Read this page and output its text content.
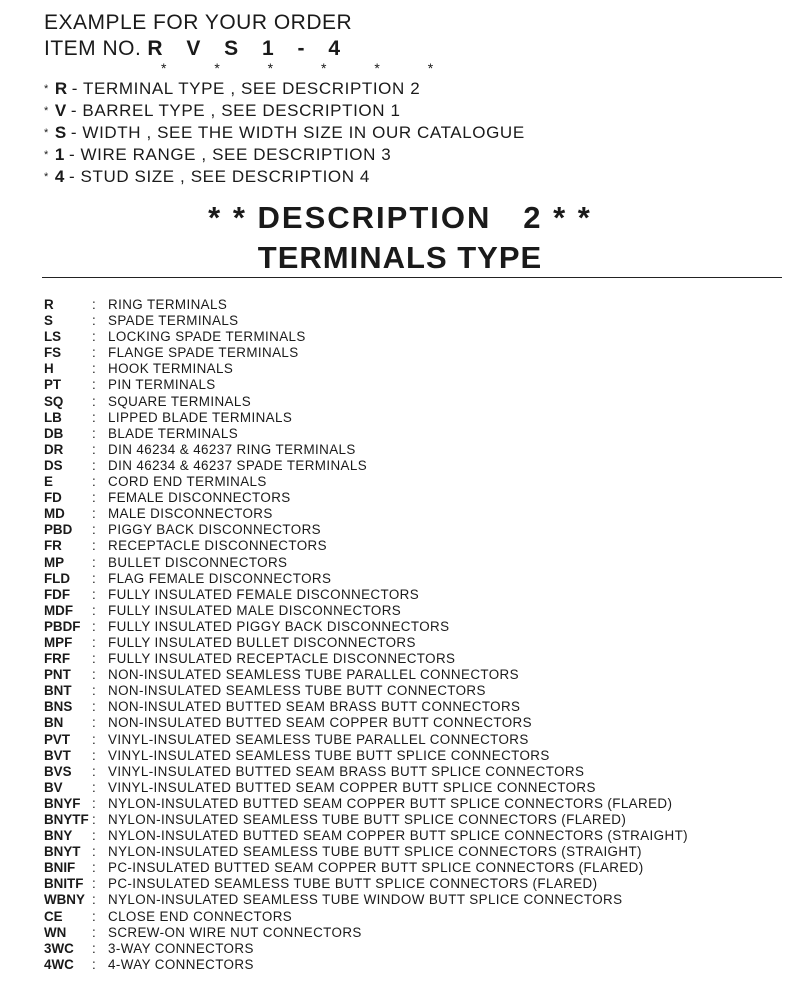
EXAMPLE FOR YOUR ORDER
ITEM NO. R V S 1 - 4
* * * * * *
* R - TERMINAL TYPE , SEE DESCRIPTION 2
* V - BARREL TYPE , SEE DESCRIPTION 1
* S - WIDTH , SEE THE WIDTH SIZE IN OUR CATALOGUE
* 1 - WIRE RANGE , SEE DESCRIPTION 3
* 4 - STUD SIZE , SEE DESCRIPTION 4
* * DESCRIPTION   2 * *
TERMINALS TYPE
R	: RING TERMINALS
S	: SPADE TERMINALS
LS : LOCKING SPADE TERMINALS
FS : FLANGE SPADE TERMINALS
H	: HOOK TERMINALS
PT : PIN TERMINALS
SQ : SQUARE TERMINALS
LB : LIPPED BLADE TERMINALS
DB : BLADE TERMINALS
DR : DIN 46234 & 46237 RING TERMINALS
DS : DIN 46234 & 46237 SPADE TERMINALS
E	: CORD END TERMINALS
FD : FEMALE DISCONNECTORS
MD : MALE DISCONNECTORS
PBD : PIGGY BACK DISCONNECTORS
FR : RECEPTACLE DISCONNECTORS
MP : BULLET DISCONNECTORS
FLD : FLAG FEMALE DISCONNECTORS
FDF : FULLY INSULATED FEMALE DISCONNECTORS
MDF : FULLY INSULATED MALE DISCONNECTORS
PBDF : FULLY INSULATED PIGGY BACK DISCONNECTORS
MPF : FULLY INSULATED BULLET DISCONNECTORS
FRF : FULLY INSULATED RECEPTACLE DISCONNECTORS
PNT : NON-INSULATED SEAMLESS TUBE PARALLEL CONNECTORS
BNT : NON-INSULATED SEAMLESS TUBE BUTT CONNECTORS
BNS : NON-INSULATED BUTTED SEAM BRASS BUTT CONNECTORS
BN : NON-INSULATED BUTTED SEAM COPPER BUTT CONNECTORS
PVT : VINYL-INSULATED SEAMLESS TUBE PARALLEL CONNECTORS
BVT : VINYL-INSULATED SEAMLESS TUBE BUTT SPLICE CONNECTORS
BVS : VINYL-INSULATED BUTTED SEAM BRASS BUTT SPLICE CONNECTORS
BV : VINYL-INSULATED BUTTED SEAM COPPER BUTT SPLICE CONNECTORS
BNYF : NYLON-INSULATED BUTTED SEAM COPPER BUTT SPLICE CONNECTORS (FLARED)
BNYTF : NYLON-INSULATED SEAMLESS TUBE BUTT SPLICE CONNECTORS (FLARED)
BNY : NYLON-INSULATED BUTTED SEAM COPPER BUTT SPLICE CONNECTORS (STRAIGHT)
BNYT : NYLON-INSULATED SEAMLESS TUBE BUTT SPLICE CONNECTORS (STRAIGHT)
BNIF : PC-INSULATED BUTTED SEAM COPPER BUTT SPLICE CONNECTORS (FLARED)
BNITF : PC-INSULATED SEAMLESS TUBE BUTT SPLICE CONNECTORS (FLARED)
WBNY : NYLON-INSULATED SEAMLESS TUBE WINDOW BUTT SPLICE CONNECTORS
CE : CLOSE END CONNECTORS
WN : SCREW-ON WIRE NUT CONNECTORS
3WC : 3-WAY CONNECTORS
4WC : 4-WAY CONNECTORS
